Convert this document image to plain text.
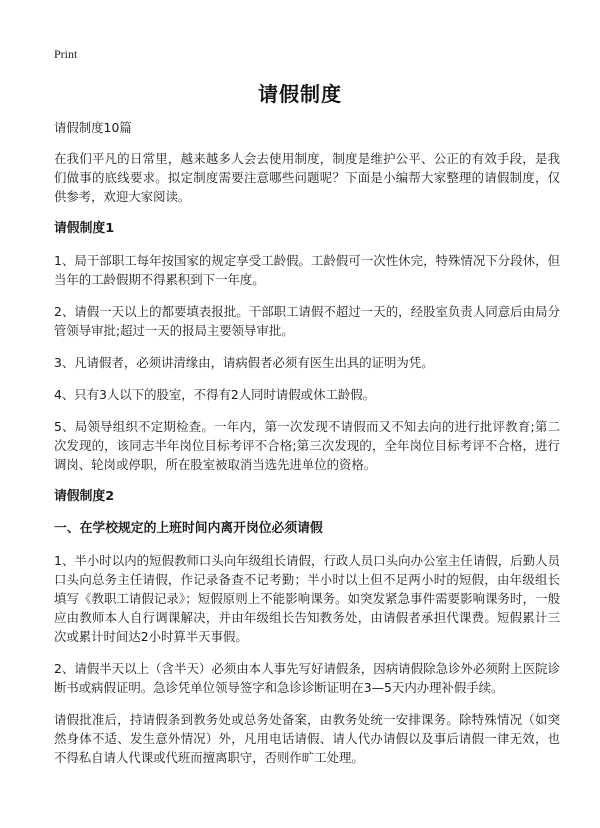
Print
请假制度

请假制度10篇

在我们平凡的日常里，越来越多人会去使用制度，制度是维护公平、公正的有效手段，是我们做事的底线要求。拟定制度需要注意哪些问题呢？下面是小编帮大家整理的请假制度，仅供参考，欢迎大家阅读。

请假制度1

1、局干部职工每年按国家的规定享受工龄假。工龄假可一次性休完，特殊情况下分段休，但当年的工龄假期不得累积到下一年度。

2、请假一天以上的都要填表报批。干部职工请假不超过一天的，经股室负责人同意后由局分管领导审批;超过一天的报局主要领导审批。

3、凡请假者，必须讲清缘由，请病假者必须有医生出具的证明为凭。

4、只有3人以下的股室，不得有2人同时请假或休工龄假。

5、局领导组织不定期检查。一年内，第一次发现不请假而又不知去向的进行批评教育;第二次发现的，该同志半年岗位目标考评不合格;第三次发现的，全年岗位目标考评不合格，进行调岗、轮岗或停职，所在股室被取消当选先进单位的资格。

请假制度2
一、在学校规定的上班时间内离开岗位必须请假

1、半小时以内的短假教师口头向年级组长请假，行政人员口头向办公室主任请假，后勤人员口头向总务主任请假，作记录备查不记考勤；半小时以上但不足两小时的短假，由年级组长填写《教职工请假记录》；短假原则上不能影响课务。如突发紧急事件需要影响课务时，一般应由教师本人自行调课解决，并由年级组长告知教务处，由请假者承担代课费。短假累计三次或累计时间达2小时算半天事假。

2、请假半天以上（含半天）必须由本人事先写好请假条，因病请假除急诊外必须附上医院诊断书或病假证明。急诊凭单位领导签字和急诊诊断证明在3—5天内办理补假手续。

请假批准后，持请假条到教务处或总务处备案，由教务处统一安排课务。除特殊情况（如突然身体不适、发生意外情况）外，凡用电话请假、请人代办请假以及事后请假一律无效，也不得私自请人代课或代班而擅离职守，否则作旷工处理。
